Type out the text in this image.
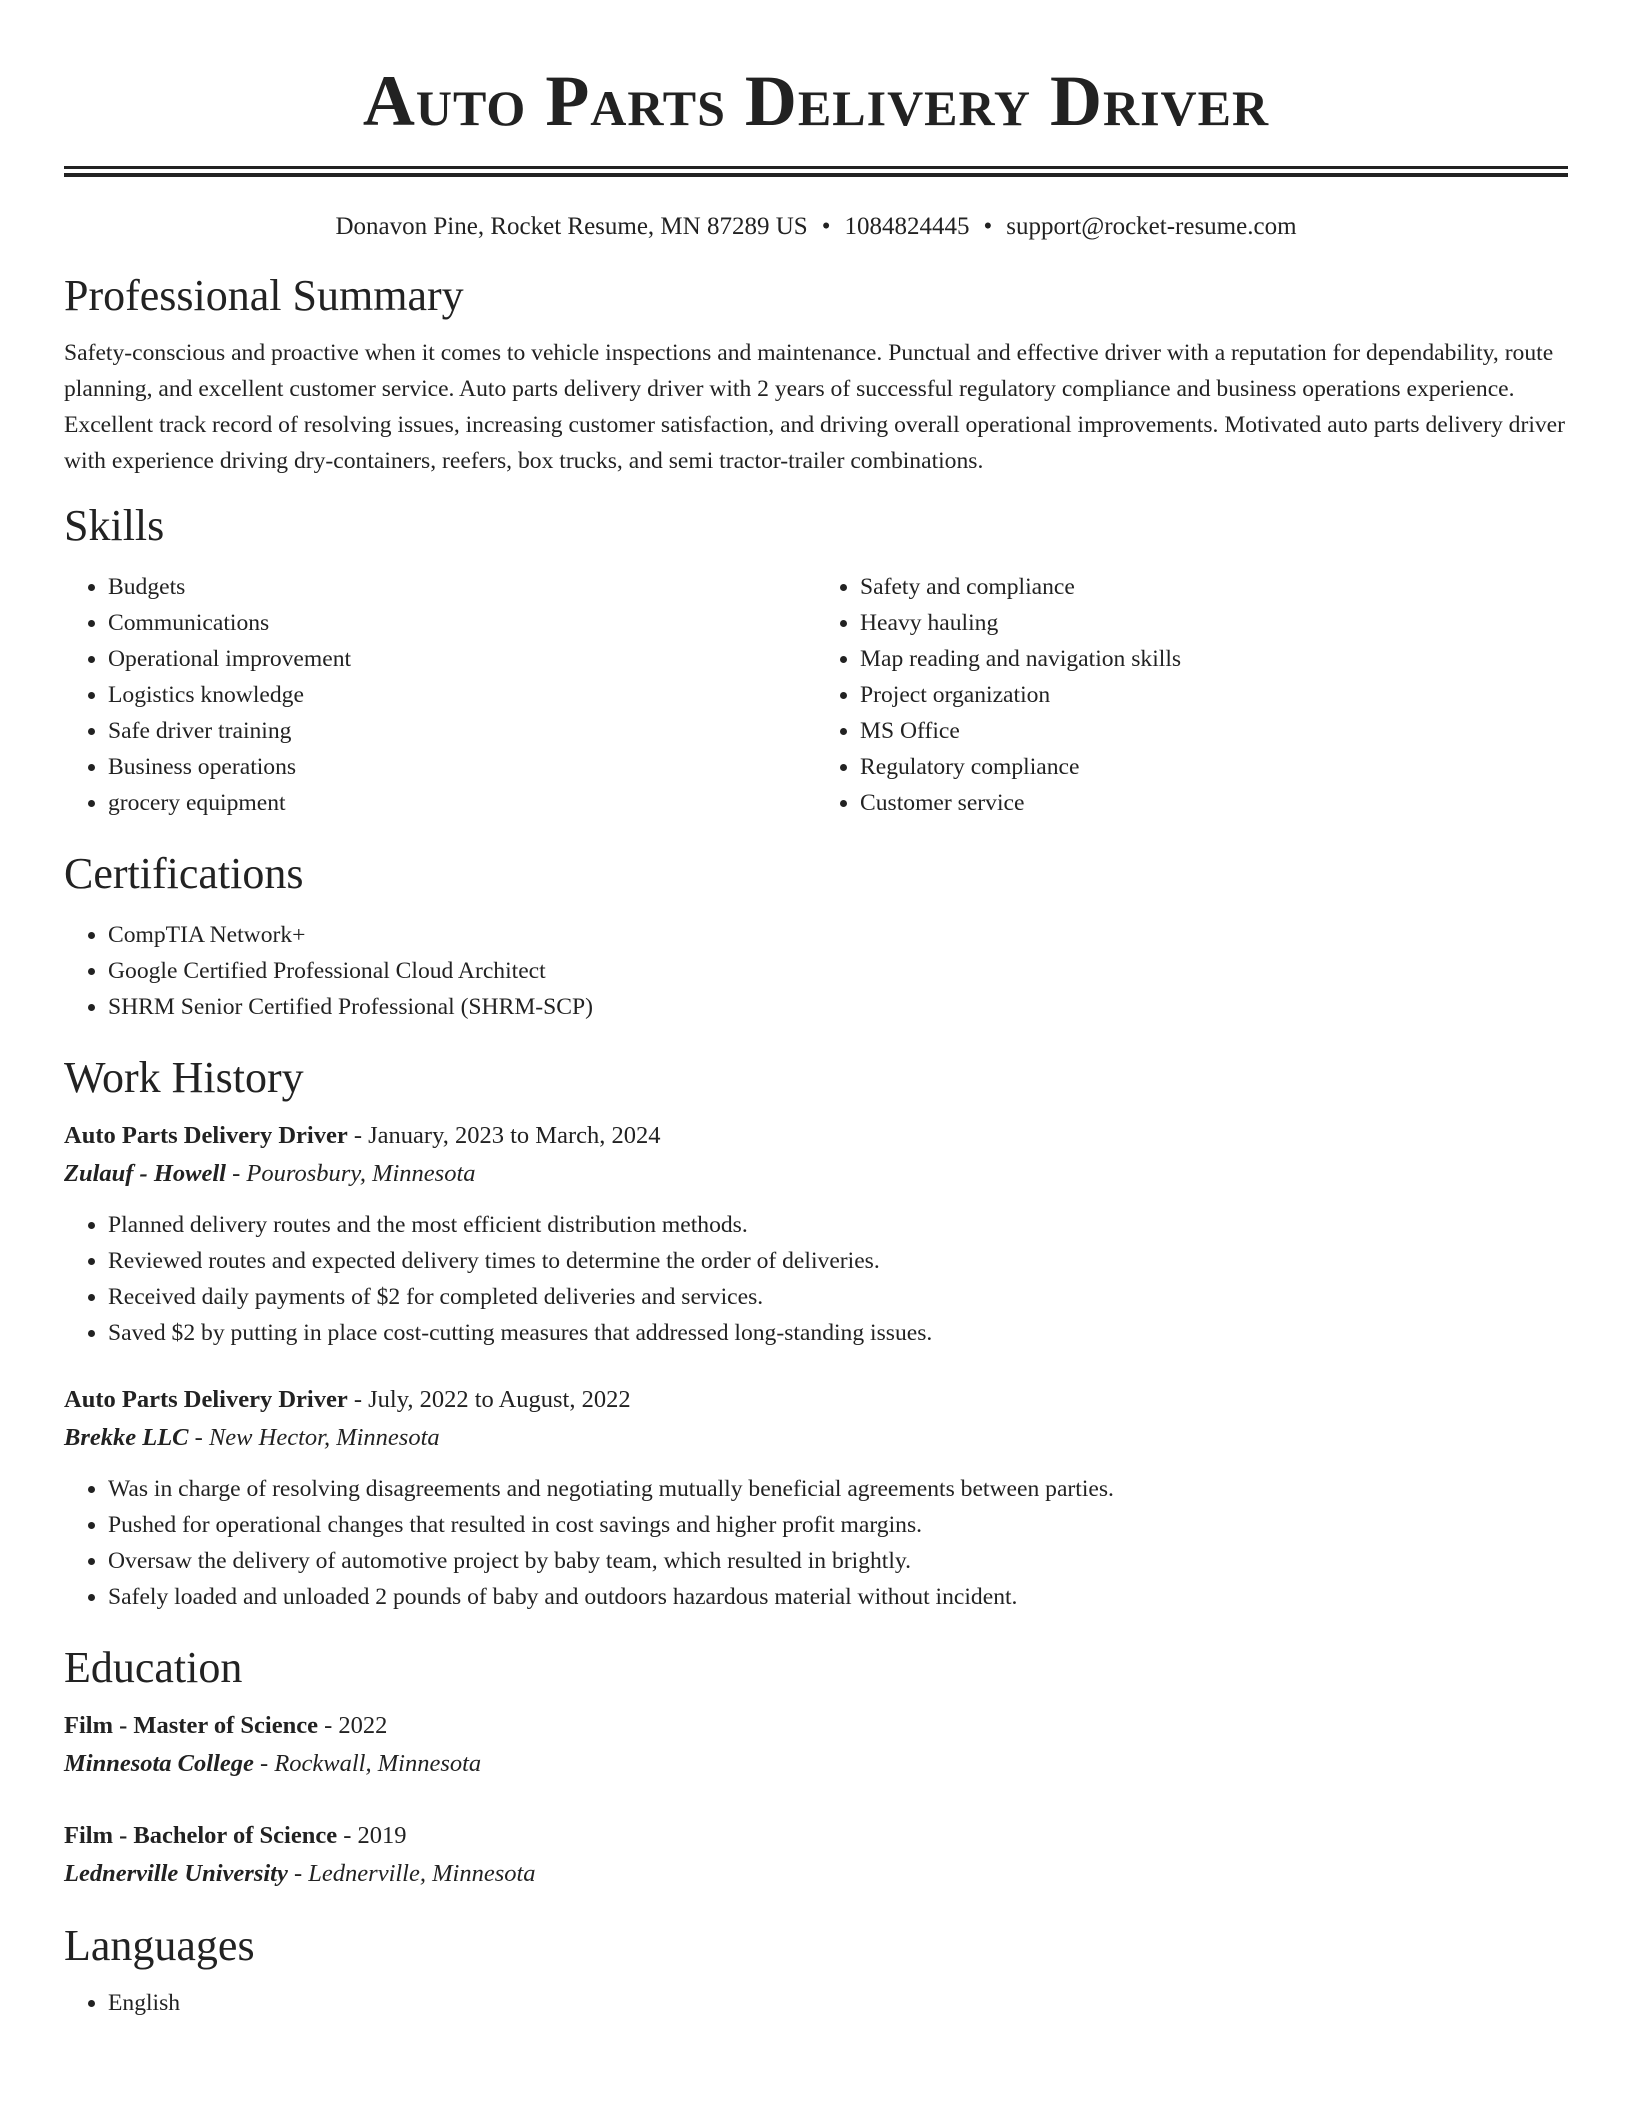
Auto Parts Delivery Driver
Donavon Pine, Rocket Resume, MN 87289 US • 1084824445 • support@rocket-resume.com
Professional Summary

Safety-conscious and proactive when it comes to vehicle inspections and maintenance. Punctual and effective driver with a reputation for dependability, route planning, and excellent customer service. Auto parts delivery driver with 2 years of successful regulatory compliance and business operations experience. Excellent track record of resolving issues, increasing customer satisfaction, and driving overall operational improvements. Motivated auto parts delivery driver with experience driving dry-containers, reefers, box trucks, and semi tractor-trailer combinations.

Skills
• Budgets
• Communications
• Operational improvement
• Logistics knowledge
• Safe driver training
• Business operations
• grocery equipment
• Safety and compliance
• Heavy hauling
• Map reading and navigation skills
• Project organization
• MS Office
• Regulatory compliance
• Customer service
Certifications
• CompTIA Network+
• Google Certified Professional Cloud Architect
• SHRM Senior Certified Professional (SHRM-SCP)
Work History
Auto Parts Delivery Driver - January, 2023 to March, 2024
Zulauf - Howell - Pourosbury, Minnesota
• Planned delivery routes and the most efficient distribution methods.
• Reviewed routes and expected delivery times to determine the order of deliveries.
• Received daily payments of $2 for completed deliveries and services.
• Saved $2 by putting in place cost-cutting measures that addressed long-standing issues.
Auto Parts Delivery Driver - July, 2022 to August, 2022
Brekke LLC - New Hector, Minnesota
• Was in charge of resolving disagreements and negotiating mutually beneficial agreements between parties.
• Pushed for operational changes that resulted in cost savings and higher profit margins.
• Oversaw the delivery of automotive project by baby team, which resulted in brightly.
• Safely loaded and unloaded 2 pounds of baby and outdoors hazardous material without incident.
Education
Film - Master of Science - 2022
Minnesota College - Rockwall, Minnesota
Film - Bachelor of Science - 2019
Lednerville University - Lednerville, Minnesota
Languages
• English
